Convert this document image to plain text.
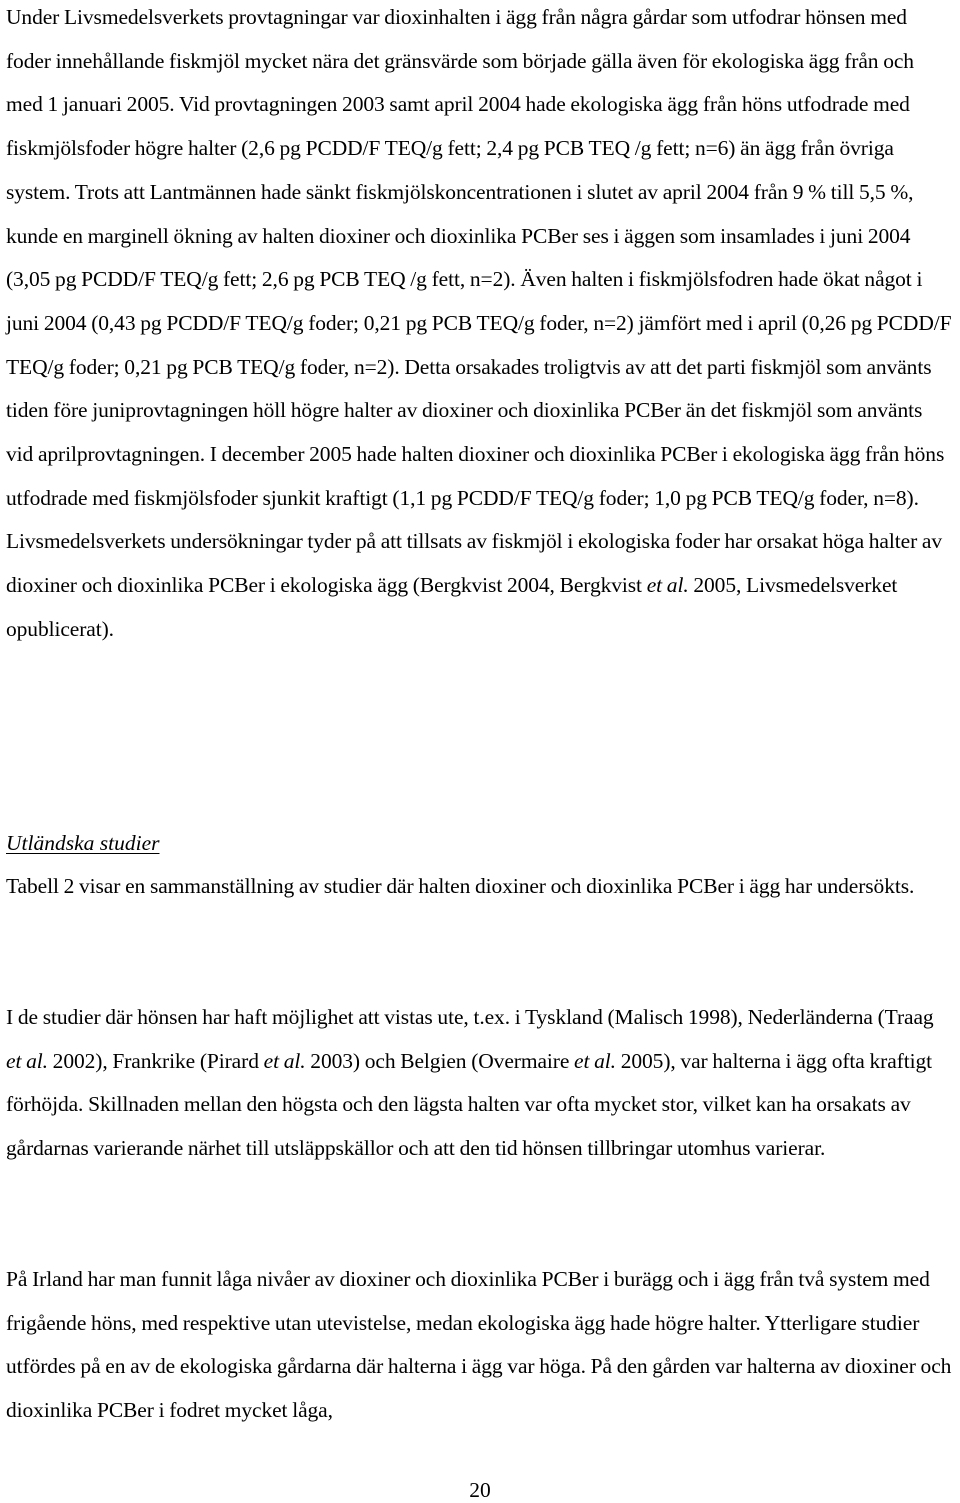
Under Livsmedelsverkets provtagningar var dioxinhalten i ägg från några gårdar som utfodrar hönsen med foder innehållande fiskmjöl mycket nära det gränsvärde som började gälla även för ekologiska ägg från och med 1 januari 2005. Vid provtagningen 2003 samt april 2004 hade ekologiska ägg från höns utfodrade med fiskmjölsfoder högre halter (2,6 pg PCDD/F TEQ/g fett; 2,4 pg PCB TEQ /g fett; n=6) än ägg från övriga system. Trots att Lantmännen hade sänkt fiskmjölskoncentrationen i slutet av april 2004 från 9 % till 5,5 %, kunde en marginell ökning av halten dioxiner och dioxinlika PCBer ses i äggen som insamlades i juni 2004 (3,05 pg PCDD/F TEQ/g fett; 2,6 pg PCB TEQ /g fett, n=2). Även halten i fiskmjölsfodren hade ökat något i juni 2004 (0,43 pg PCDD/F TEQ/g foder; 0,21 pg PCB TEQ/g foder, n=2) jämfört med i april (0,26 pg PCDD/F TEQ/g foder; 0,21 pg PCB TEQ/g foder, n=2). Detta orsakades troligtvis av att det parti fiskmjöl som använts tiden före juniprovtagningen höll högre halter av dioxiner och dioxinlika PCBer än det fiskmjöl som använts vid aprilprovtagningen. I december 2005 hade halten dioxiner och dioxinlika PCBer i ekologiska ägg från höns utfodrade med fiskmjölsfoder sjunkit kraftigt (1,1 pg PCDD/F TEQ/g foder; 1,0 pg PCB TEQ/g foder, n=8). Livsmedelsverkets undersökningar tyder på att tillsats av fiskmjöl i ekologiska foder har orsakat höga halter av dioxiner och dioxinlika PCBer i ekologiska ägg (Bergkvist 2004, Bergkvist et al. 2005, Livsmedelsverket opublicerat).

Utländska studier

Tabell 2 visar en sammanställning av studier där halten dioxiner och dioxinlika PCBer i ägg har undersökts.

I de studier där hönsen har haft möjlighet att vistas ute, t.ex. i Tyskland (Malisch 1998), Nederländerna (Traag et al. 2002), Frankrike (Pirard et al. 2003) och Belgien (Overmaire et al. 2005), var halterna i ägg ofta kraftigt förhöjda. Skillnaden mellan den högsta och den lägsta halten var ofta mycket stor, vilket kan ha orsakats av gårdarnas varierande närhet till utsläppskällor och att den tid hönsen tillbringar utomhus varierar.

På Irland har man funnit låga nivåer av dioxiner och dioxinlika PCBer i burägg och i ägg från två system med frigående höns, med respektive utan utevistelse, medan ekologiska ägg hade högre halter. Ytterligare studier utfördes på en av de ekologiska gårdarna där halterna i ägg var höga. På den gården var halterna av dioxiner och dioxinlika PCBer i fodret mycket låga,

20
